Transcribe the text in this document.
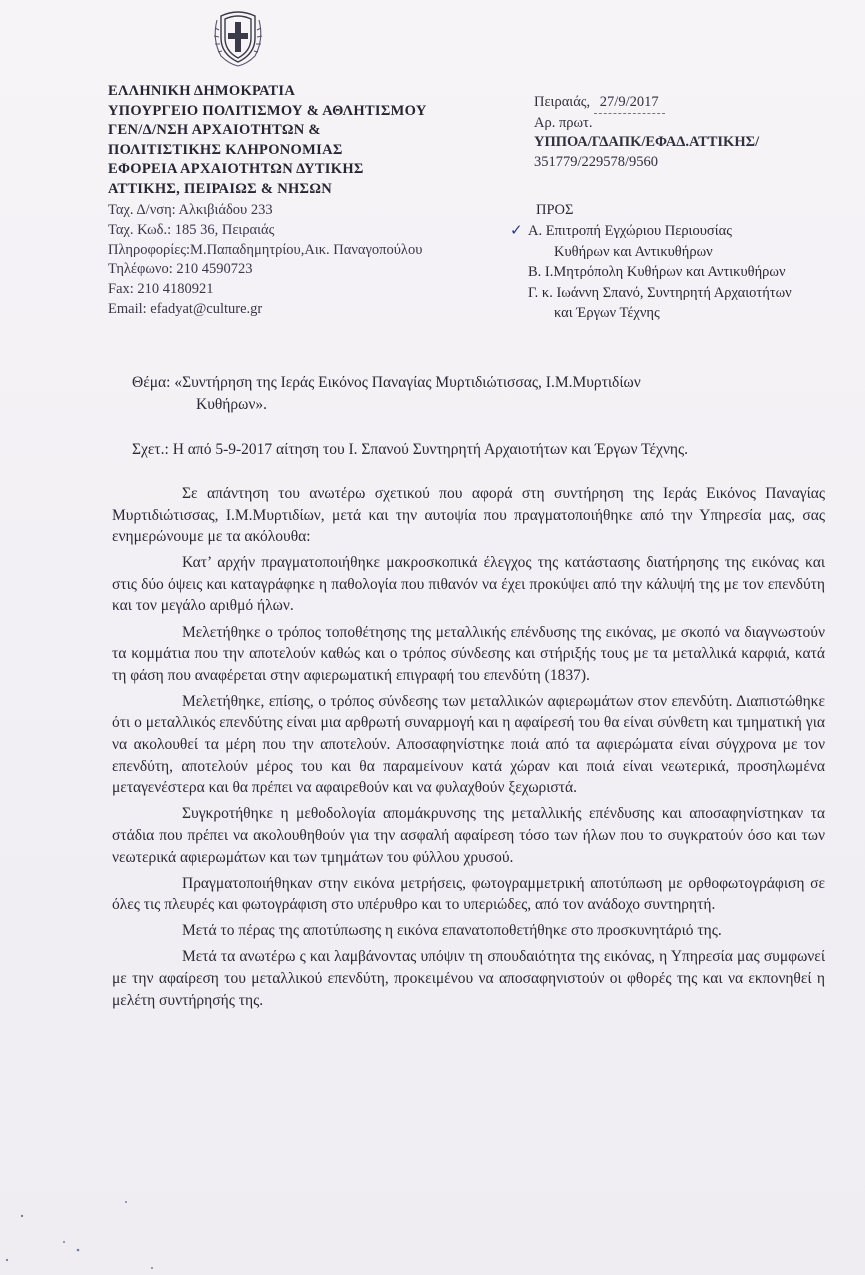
ΕΛΛΗΝΙΚΗ ΔΗΜΟΚΡΑΤΙΑ

ΥΠΟΥΡΓΕΙΟ ΠΟΛΙΤΙΣΜΟΥ & ΑΘΛΗΤΙΣΜΟΥ

ΓΕΝ/Δ/ΝΣΗ ΑΡΧΑΙΟΤΗΤΩΝ &

ΠΟΛΙΤΙΣΤΙΚΗΣ ΚΛΗΡΟΝΟΜΙΑΣ

ΕΦΟΡΕΙΑ ΑΡΧΑΙΟΤΗΤΩΝ ΔΥΤΙΚΗΣ

ΑΤΤΙΚΗΣ, ΠΕΙΡΑΙΩΣ & ΝΗΣΩΝ

Ταχ. Δ/νση: Αλκιβιάδου 233

Ταχ. Κωδ.: 185 36, Πειραιάς

Πληροφορίες:Μ.Παπαδημητρίου,Αικ. Παναγοπούλου

Τηλέφωνο: 210 4590723

Fax: 210 4180921

Email: efadyat@culture.gr

Πειραιάς, 27/9/2017
Αρ. πρωτ.
ΥΠΠΟΑ/ΓΔΑΠΚ/ΕΦΑΔ.ΑΤΤΙΚΗΣ/
351779/229578/9560
ΠΡΟΣ
✓ Α. Επιτροπή Εγχώριου Περιουσίας
Κυθήρων και Αντικυθήρων
Β. Ι.Μητρόπολη Κυθήρων και Αντικυθήρων
Γ. κ. Ιωάννη Σπανό, Συντηρητή Αρχαιοτήτων
και Έργων Τέχνης
Θέμα: «Συντήρηση της Ιεράς Εικόνος Παναγίας Μυρτιδιώτισσας, Ι.Μ.Μυρτιδίων
Κυθήρων».
Σχετ.: Η από 5-9-2017 αίτηση του Ι. Σπανού Συντηρητή Αρχαιοτήτων και Έργων Τέχνης.

Σε απάντηση του ανωτέρω σχετικού που αφορά στη συντήρηση της Ιεράς Εικόνος Παναγίας Μυρτιδιώτισσας, Ι.Μ.Μυρτιδίων, μετά και την αυτοψία που πραγματοποιήθηκε από την Υπηρεσία μας, σας ενημερώνουμε με τα ακόλουθα:

Κατ’ αρχήν πραγματοποιήθηκε μακροσκοπικά έλεγχος της κατάστασης διατήρησης της εικόνας και στις δύο όψεις και καταγράφηκε η παθολογία που πιθανόν να έχει προκύψει από την κάλυψή της με τον επενδύτη και τον μεγάλο αριθμό ήλων.

Μελετήθηκε ο τρόπος τοποθέτησης της μεταλλικής επένδυσης της εικόνας, με σκοπό να διαγνωστούν τα κομμάτια που την αποτελούν καθώς και ο τρόπος σύνδεσης και στήριξής τους με τα μεταλλικά καρφιά, κατά τη φάση που αναφέρεται στην αφιερωματική επιγραφή του επενδύτη (1837).

Μελετήθηκε, επίσης, ο τρόπος σύνδεσης των μεταλλικών αφιερωμάτων στον επενδύτη. Διαπιστώθηκε ότι ο μεταλλικός επενδύτης είναι μια αρθρωτή συναρμογή και η αφαίρεσή του θα είναι σύνθετη και τμηματική για να ακολουθεί τα μέρη που την αποτελούν. Αποσαφηνίστηκε ποιά από τα αφιερώματα είναι σύγχρονα με τον επενδύτη, αποτελούν μέρος του και θα παραμείνουν κατά χώραν και ποιά είναι νεωτερικά, προσηλωμένα μεταγενέστερα και θα πρέπει να αφαιρεθούν και να φυλαχθούν ξεχωριστά.

Συγκροτήθηκε η μεθοδολογία απομάκρυνσης της μεταλλικής επένδυσης και αποσαφηνίστηκαν τα στάδια που πρέπει να ακολουθηθούν για την ασφαλή αφαίρεση τόσο των ήλων που το συγκρατούν όσο και των νεωτερικά αφιερωμάτων και των τμημάτων του φύλλου χρυσού.

Πραγματοποιήθηκαν στην εικόνα μετρήσεις, φωτογραμμετρική αποτύπωση με ορθοφωτογράφιση σε όλες τις πλευρές και φωτογράφιση στο υπέρυθρο και το υπεριώδες, από τον ανάδοχο συντηρητή.

Μετά το πέρας της αποτύπωσης η εικόνα επανατοποθετήθηκε στο προσκυνητάριό της.

Μετά τα ανωτέρω ς και λαμβάνοντας υπόψιν τη σπουδαιότητα της εικόνας, η Υπηρεσία μας συμφωνεί με την αφαίρεση του μεταλλικού επενδύτη, προκειμένου να αποσαφηνιστούν οι φθορές της και να εκπονηθεί η μελέτη συντήρησής της.
